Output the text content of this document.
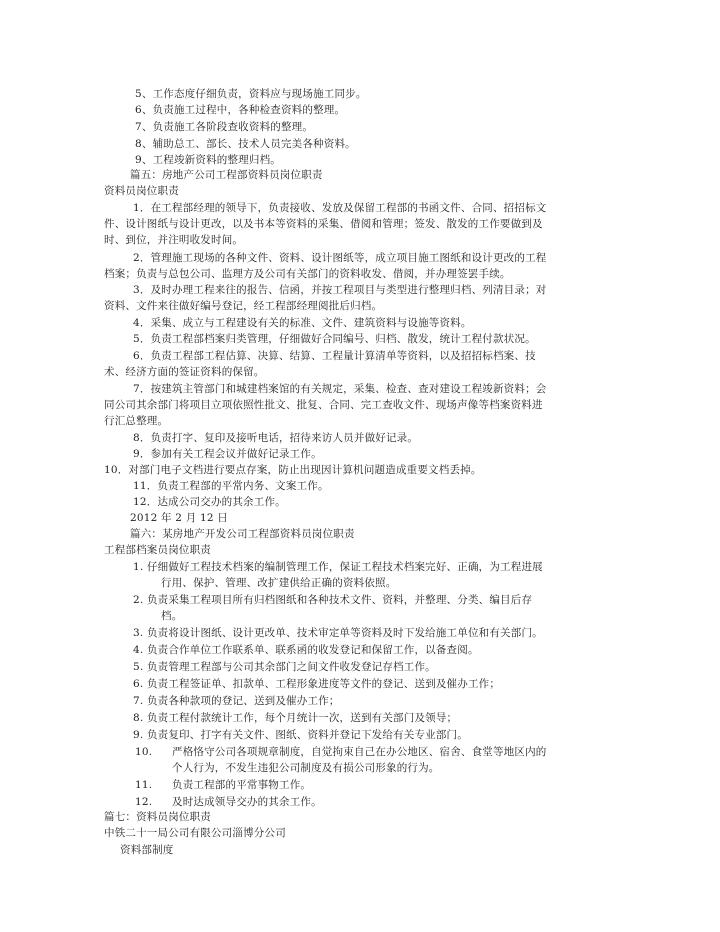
5、工作态度仔细负责，资料应与现场施工同步。
6、负责施工过程中，各种检查资料的整理。
7、负责施工各阶段查收资料的整理。
8、辅助总工、部长、技术人员完美各种资料。
9、工程竣新资料的整理归档。
篇五：房地产公司工程部资料员岗位职责
资料员岗位职责
1．在工程部经理的领导下，负责接收、发放及保留工程部的书函文件、合同、招招标文
件、设计图纸与设计更改，以及书本等资料的采集、借阅和管理；签发、散发的工作要做到及
时、到位，并注明收发时间。
2．管理施工现场的各种文件、资料、设计图纸等，成立项目施工图纸和设计更改的工程
档案；负责与总包公司、监理方及公司有关部门的资料收发、借阅，并办理签罢手续。
3．及时办理工程来往的报告、信函，并按工程项目与类型进行整理归档、列清目录；对
资料、文件来往做好编号登记，经工程部经理阅批后归档。
4．采集、成立与工程建设有关的标准、文件、建筑资料与设施等资料。
5．负责工程部档案归类管理，仔细做好合同编号、归档、散发，统计工程付款状况。
6．负责工程部工程估算、决算、结算、工程量计算清单等资料，以及招招标档案、技
术、经济方面的签证资料的保留。
7．按建筑主管部门和城建档案馆的有关规定，采集、检查、查对建设工程竣新资料；会
同公司其余部门将项目立项依照性批文、批复、合同、完工查收文件、现场声像等档案资料进
行汇总整理。
8．负责打字、复印及接听电话，招待来访人员并做好记录。
9．参加有关工程会议并做好记录工作。
10．对部门电子文档进行要点存案，防止出现因计算机问题造成重要文档丢掉。
11．负责工程部的平常内务、文案工作。
12．达成公司交办的其余工作。
2012 年 2 月 12 日
篇六：某房地产开发公司工程部资料员岗位职责
工程部档案员岗位职责
1. 仔细做好工程技术档案的编制管理工作，保证工程技术档案完好、正确，为工程进展
行用、保护、管理、改扩建供给正确的资料依照。
2. 负责采集工程项目所有归档图纸和各种技术文件、资料，并整理、分类、编目后存
档。
3. 负责将设计图纸、设计更改单、技术审定单等资料及时下发给施工单位和有关部门。
4. 负责合作单位工作联系单、联系函的收发登记和保留工作，以备查阅。
5. 负责管理工程部与公司其余部门之间文件收发登记存档工作。
6. 负责工程签证单、扣款单、工程形象进度等文件的登记、送到及催办工作；
7. 负责各种款项的登记、送到及催办工作；
8. 负责工程付款统计工作，每个月统计一次，送到有关部门及领导；
9. 负责复印、打字有关文件、图纸、资料并登记下发给有关专业部门。
10. 严格恪守公司各项规章制度，自觉拘束自己在办公地区、宿舍、食堂等地区内的
个人行为，不发生违犯公司制度及有损公司形象的行为。
11. 负责工程部的平常事物工作。
12. 及时达成领导交办的其余工作。
篇七：资料员岗位职责
中铁二十一局公司有限公司淄博分公司
资料部制度
